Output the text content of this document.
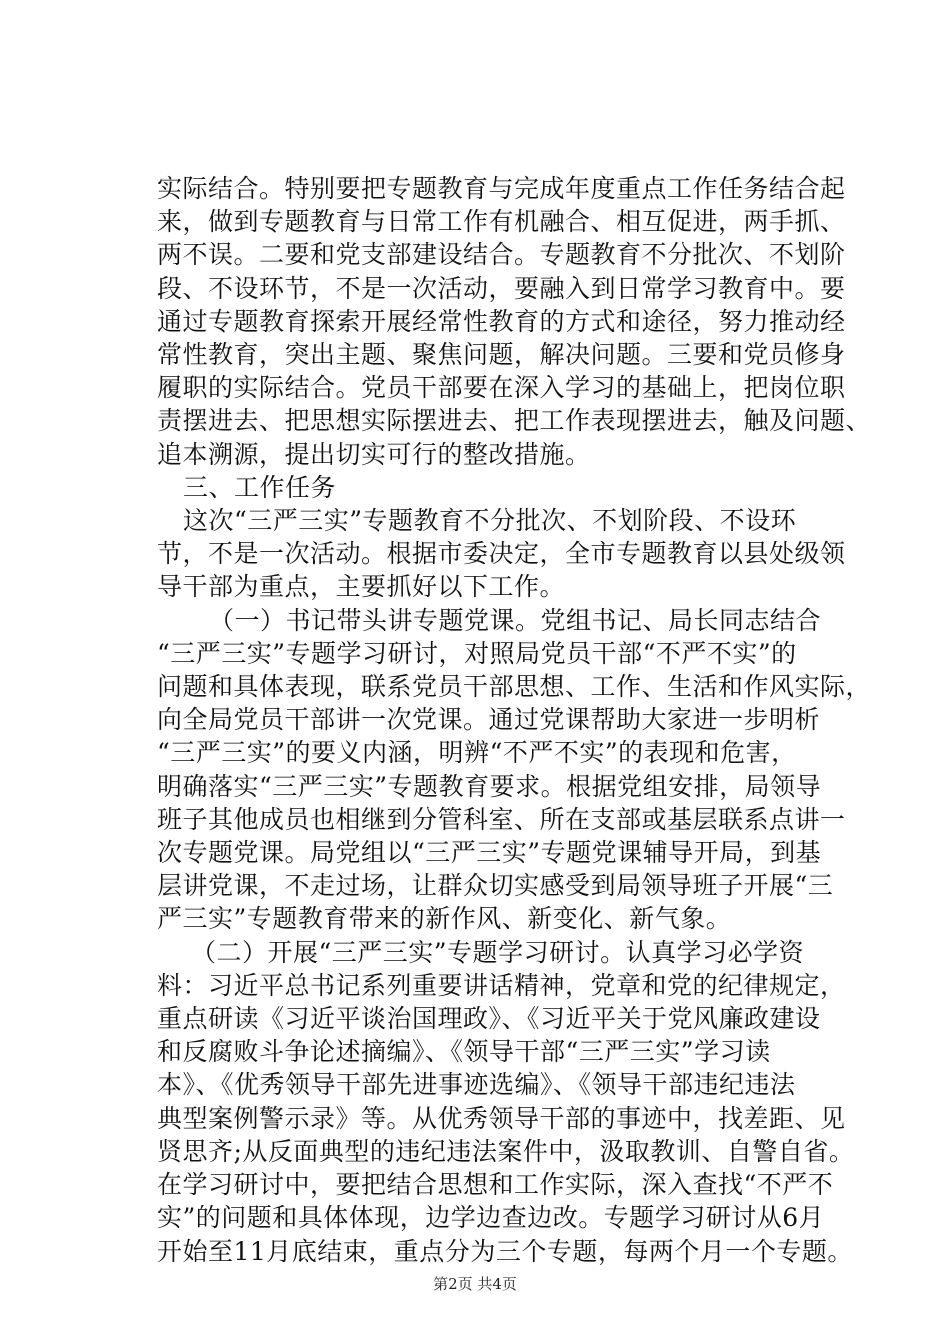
实际结合。特别要把专题教育与完成年度重点工作任务结合起
来，做到专题教育与日常工作有机融合、相互促进，两手抓、
两不误。二要和党支部建设结合。专题教育不分批次、不划阶
段、不设环节，不是一次活动，要融入到日常学习教育中。要
通过专题教育探索开展经常性教育的方式和途径，努力推动经
常性教育，突出主题、聚焦问题，解决问题。三要和党员修身
履职的实际结合。党员干部要在深入学习的基础上，把岗位职
责摆进去、把思想实际摆进去、把工作表现摆进去，触及问题、
追本溯源，提出切实可行的整改措施。
三、工作任务
这次“三严三实”专题教育不分批次、不划阶段、不设环
节，不是一次活动。根据市委决定，全市专题教育以县处级领
导干部为重点，主要抓好以下工作。
（一）书记带头讲专题党课。党组书记、局长同志结合
“三严三实”专题学习研讨，对照局党员干部“不严不实”的
问题和具体表现，联系党员干部思想、工作、生活和作风实际，
向全局党员干部讲一次党课。通过党课帮助大家进一步明析
“三严三实”的要义内涵，明辨“不严不实”的表现和危害，
明确落实“三严三实”专题教育要求。根据党组安排，局领导
班子其他成员也相继到分管科室、所在支部或基层联系点讲一
次专题党课。局党组以“三严三实”专题党课辅导开局，到基
层讲党课，不走过场，让群众切实感受到局领导班子开展“三
严三实”专题教育带来的新作风、新变化、新气象。
（二）开展“三严三实”专题学习研讨。认真学习必学资
料：习近平总书记系列重要讲话精神，党章和党的纪律规定，
重点研读《习近平谈治国理政》、《习近平关于党风廉政建设
和反腐败斗争论述摘编》、《领导干部“三严三实”学习读
本》、《优秀领导干部先进事迹选编》、《领导干部违纪违法
典型案例警示录》等。从优秀领导干部的事迹中，找差距、见
贤思齐;从反面典型的违纪违法案件中，汲取教训、自警自省。
在学习研讨中，要把结合思想和工作实际，深入查找“不严不
实”的问题和具体体现，边学边查边改。专题学习研讨从6月
开始至11月底结束，重点分为三个专题，每两个月一个专题。
第2页 共4页
